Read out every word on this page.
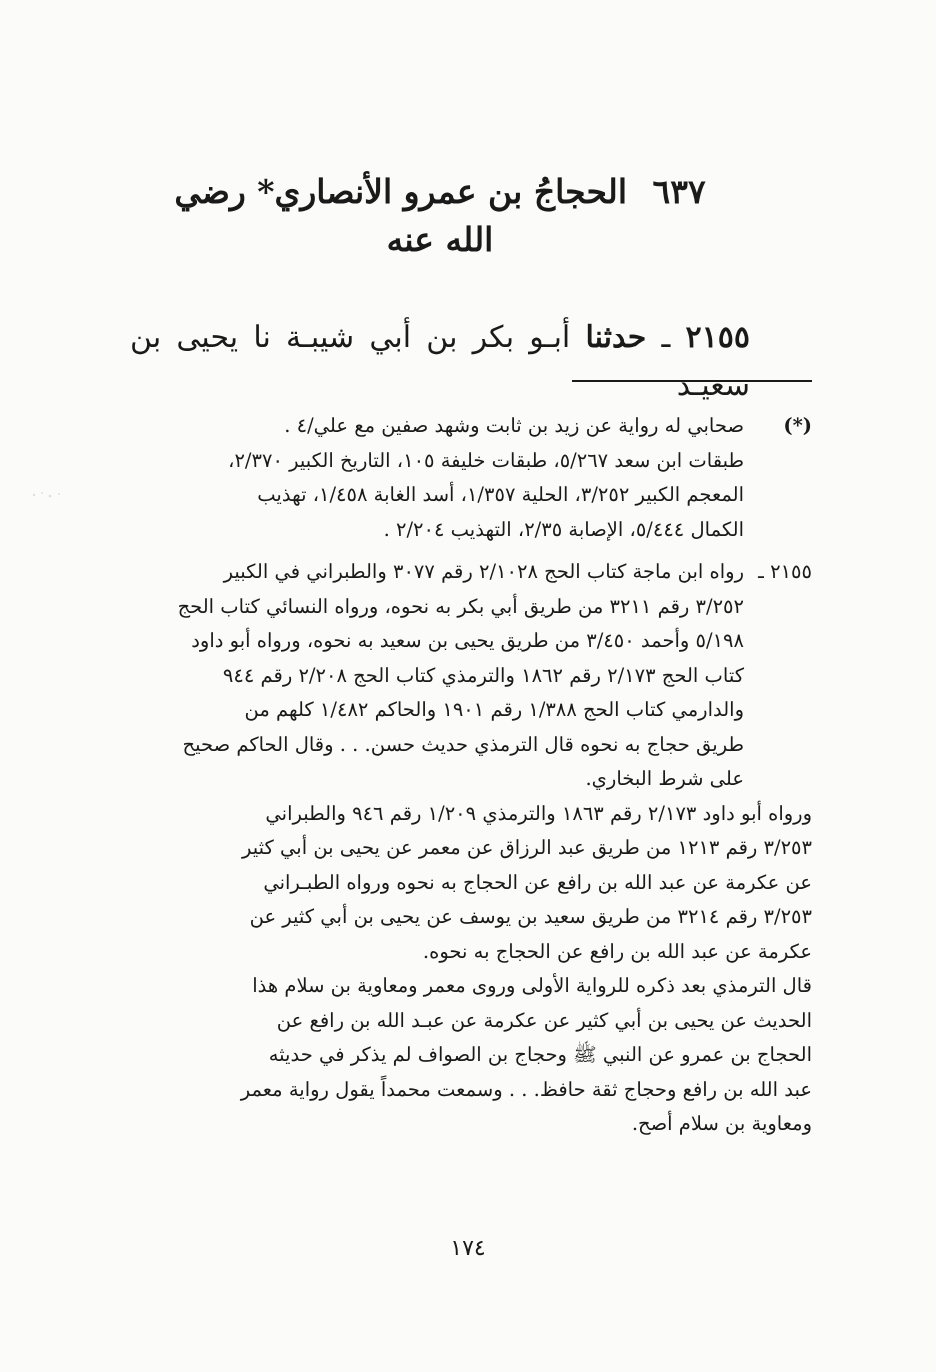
٦٣٧ الحجاجُ بن عمرو الأنصاري* رضي الله عنه
٢١٥٥ ـ حدثنا أبـو بكر بن أبي شيبـة نا يحيى بن سعيـد
(*)
صحابي له رواية عن زيد بن ثابت وشهد صفين مع علي/٤ .
طبقات ابن سعد ٥/٢٦٧، طبقات خليفة ١٠٥، التاريخ الكبير ٢/٣٧٠،
المعجم الكبير ٣/٢٥٢، الحلية ١/٣٥٧، أسد الغابة ١/٤٥٨، تهذيب
الكمال ٥/٤٤٤، الإصابة ٢/٣٥، التهذيب ٢/٢٠٤ .
٢١٥٥ ـ
رواه ابن ماجة كتاب الحج ٢/١٠٢٨ رقم ٣٠٧٧ والطبراني في الكبير
٣/٢٥٢ رقم ٣٢١١ من طريق أبي بكر به نحوه، ورواه النسائي كتاب الحج
٥/١٩٨ وأحمد ٣/٤٥٠ من طريق يحيى بن سعيد به نحوه، ورواه أبو داود
كتاب الحج ٢/١٧٣ رقم ١٨٦٢ والترمذي كتاب الحج ٢/٢٠٨ رقم ٩٤٤
والدارمي كتاب الحج ١/٣٨٨ رقم ١٩٠١ والحاكم ١/٤٨٢ كلهم من
طريق حجاج به نحوه قال الترمذي حديث حسن. . . وقال الحاكم صحيح
على شرط البخاري.
ورواه أبو داود ٢/١٧٣ رقم ١٨٦٣ والترمذي ١/٢٠٩ رقم ٩٤٦ والطبراني
٣/٢٥٣ رقم ١٢١٣ من طريق عبد الرزاق عن معمر عن يحيى بن أبي كثير
عن عكرمة عن عبد الله بن رافع عن الحجاج به نحوه ورواه الطبـراني
٣/٢٥٣ رقم ٣٢١٤ من طريق سعيد بن يوسف عن يحيى بن أبي كثير عن
عكرمة عن عبد الله بن رافع عن الحجاج به نحوه.
قال الترمذي بعد ذكره للرواية الأولى وروى معمر ومعاوية بن سلام هذا
الحديث عن يحيى بن أبي كثير عن عكرمة عن عبـد الله بن رافع عن
الحجاج بن عمرو عن النبي ﷺ وحجاج بن الصواف لم يذكر في حديثه
عبد الله بن رافع وحجاج ثقة حافظ. . . وسمعت محمداً يقول رواية معمر
ومعاوية بن سلام أصح.
١٧٤
